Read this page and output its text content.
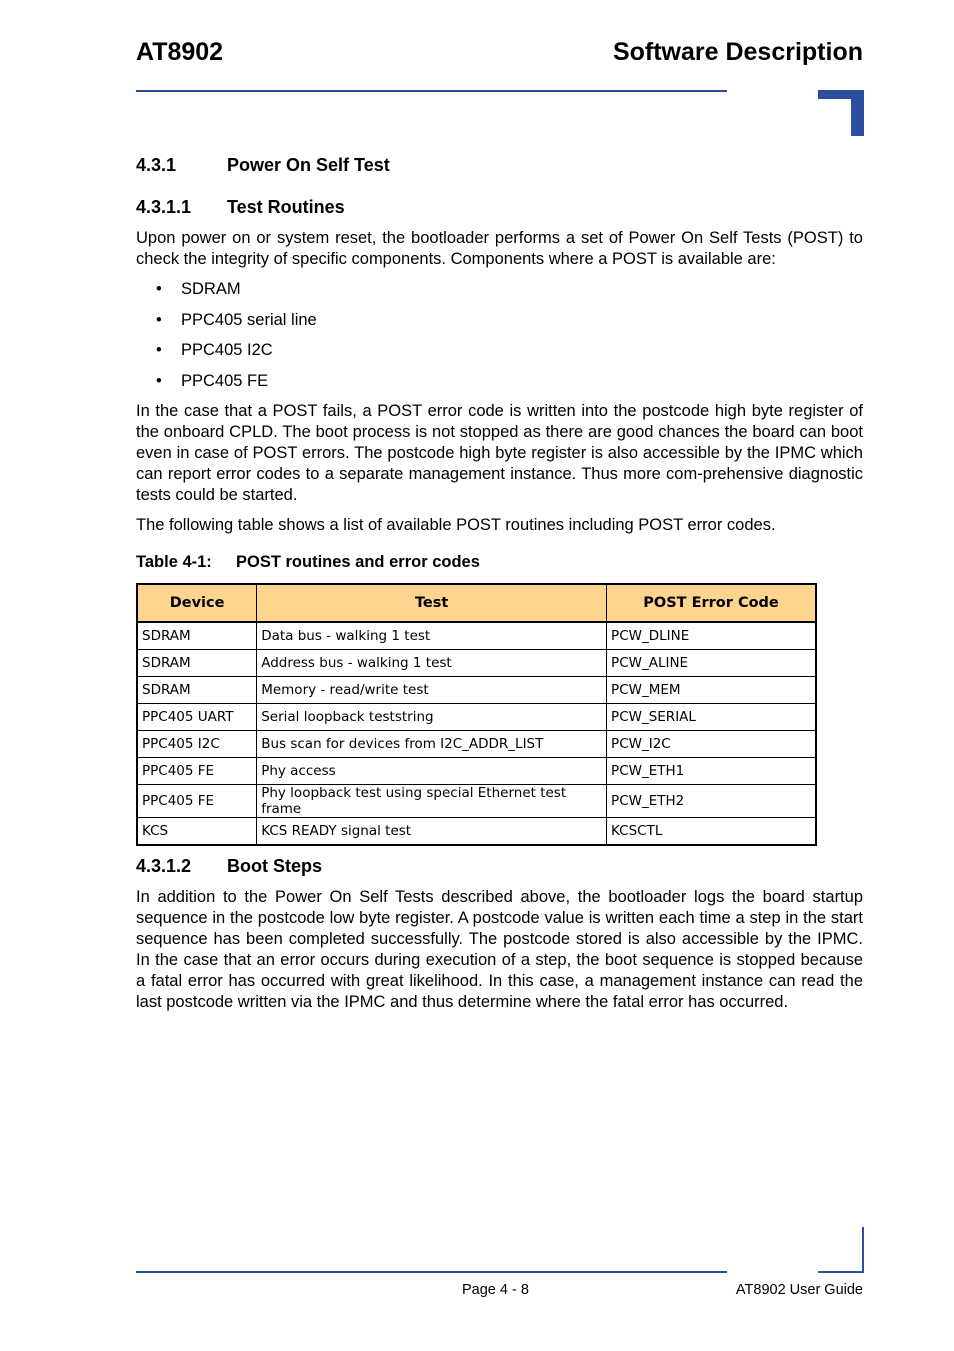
AT8902	Software Description
4.3.1	Power On Self Test
4.3.1.1 Test Routines

Upon power on or system reset, the bootloader performs a set of Power On Self Tests (POST) to check the integrity of specific components. Components where a POST is available are:

• SDRAM
• PPC405 serial line
• PPC405 I2C
• PPC405 FE

In the case that a POST fails, a POST error code is written into the postcode high byte register of the onboard CPLD. The boot process is not stopped as there are good chances the board can boot even in case of POST errors. The postcode high byte register is also accessible by the IPMC which can report error codes to a separate management instance. Thus more com-prehensive diagnostic tests could be started.

The following table shows a list of available POST routines including POST error codes.

Table 4-1: POST routines and error codes
Device	Test	POST Error Code
SDRAM	Data bus - walking 1 test	PCW_DLINE
SDRAM	Address bus - walking 1 test	PCW_ALINE
SDRAM	Memory - read/write test	PCW_MEM
PPC405 UART	Serial loopback teststring	PCW_SERIAL
PPC405 I2C	Bus scan for devices from I2C_ADDR_LIST	PCW_I2C
PPC405 FE	Phy access	PCW_ETH1
PPC405 FE	Phy loopback test using special Ethernet test frame	PCW_ETH2
KCS	KCS READY signal test	KCSCTL
4.3.1.2 Boot Steps

In addition to the Power On Self Tests described above, the bootloader logs the board startup sequence in the postcode low byte register. A postcode value is written each time a step in the start sequence has been completed successfully. The postcode stored is also accessible by the IPMC. In the case that an error occurs during execution of a step, the boot sequence is stopped because a fatal error has occurred with great likelihood. In this case, a management instance can read the last postcode written via the IPMC and thus determine where the fatal error has occurred.

Page 4 - 8	AT8902 User Guide
